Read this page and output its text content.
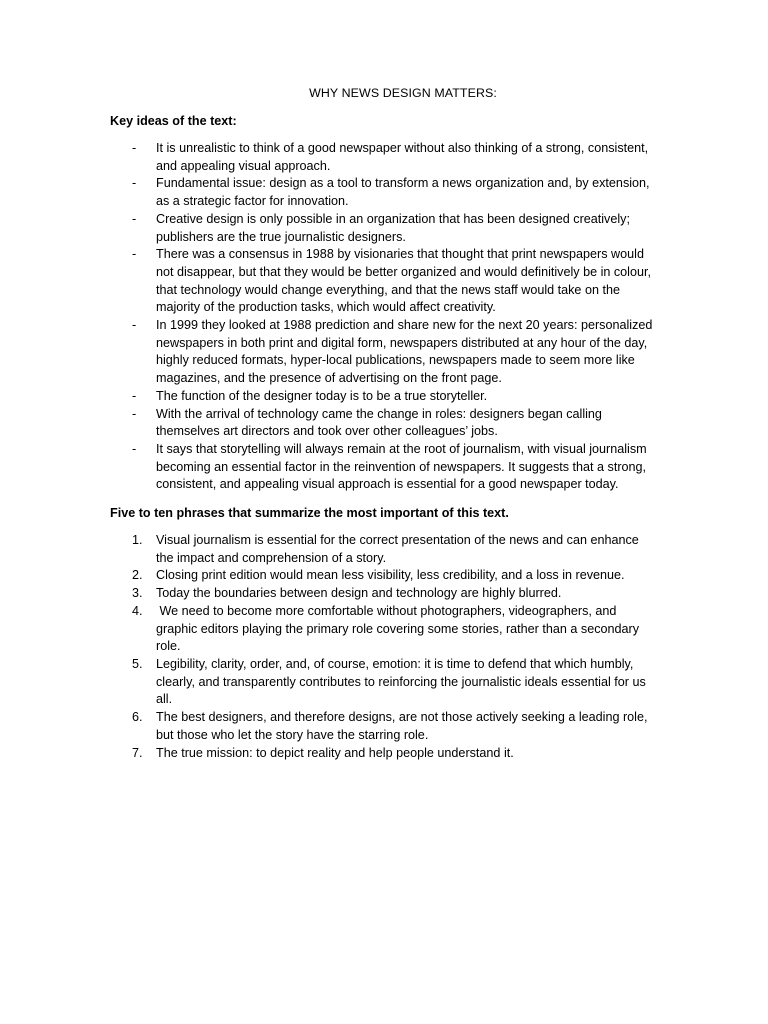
WHY NEWS DESIGN MATTERS:
Key ideas of the text:
-	It is unrealistic to think of a good newspaper without also thinking of a strong, consistent, and appealing visual approach.
-	Fundamental issue: design as a tool to transform a news organization and, by extension, as a strategic factor for innovation.
-	Creative design is only possible in an organization that has been designed creatively; publishers are the true journalistic designers.
-	There was a consensus in 1988 by visionaries that thought that print newspapers would not disappear, but that they would be better organized and would definitively be in colour, that technology would change everything, and that the news staff would take on the majority of the production tasks, which would affect creativity.
-	In 1999 they looked at 1988 prediction and share new for the next 20 years: personalized newspapers in both print and digital form, newspapers distributed at any hour of the day, highly reduced formats, hyper-local publications, newspapers made to seem more like magazines, and the presence of advertising on the front page.
-	The function of the designer today is to be a true storyteller.
-	With the arrival of technology came the change in roles: designers began calling themselves art directors and took over other colleagues’ jobs.
-	It says that storytelling will always remain at the root of journalism, with visual journalism becoming an essential factor in the reinvention of newspapers. It suggests that a strong, consistent, and appealing visual approach is essential for a good newspaper today.
Five to ten phrases that summarize the most important of this text.
1.	Visual journalism is essential for the correct presentation of the news and can enhance the impact and comprehension of a story.
2.	Closing print edition would mean less visibility, less credibility, and a loss in revenue.
3.	Today the boundaries between design and technology are highly blurred.
4.	We need to become more comfortable without photographers, videographers, and graphic editors playing the primary role covering some stories, rather than a secondary role.
5.	Legibility, clarity, order, and, of course, emotion: it is time to defend that which humbly, clearly, and transparently contributes to reinforcing the journalistic ideals essential for us all.
6.	The best designers, and therefore designs, are not those actively seeking a leading role, but those who let the story have the starring role.
7.	The true mission: to depict reality and help people understand it.
